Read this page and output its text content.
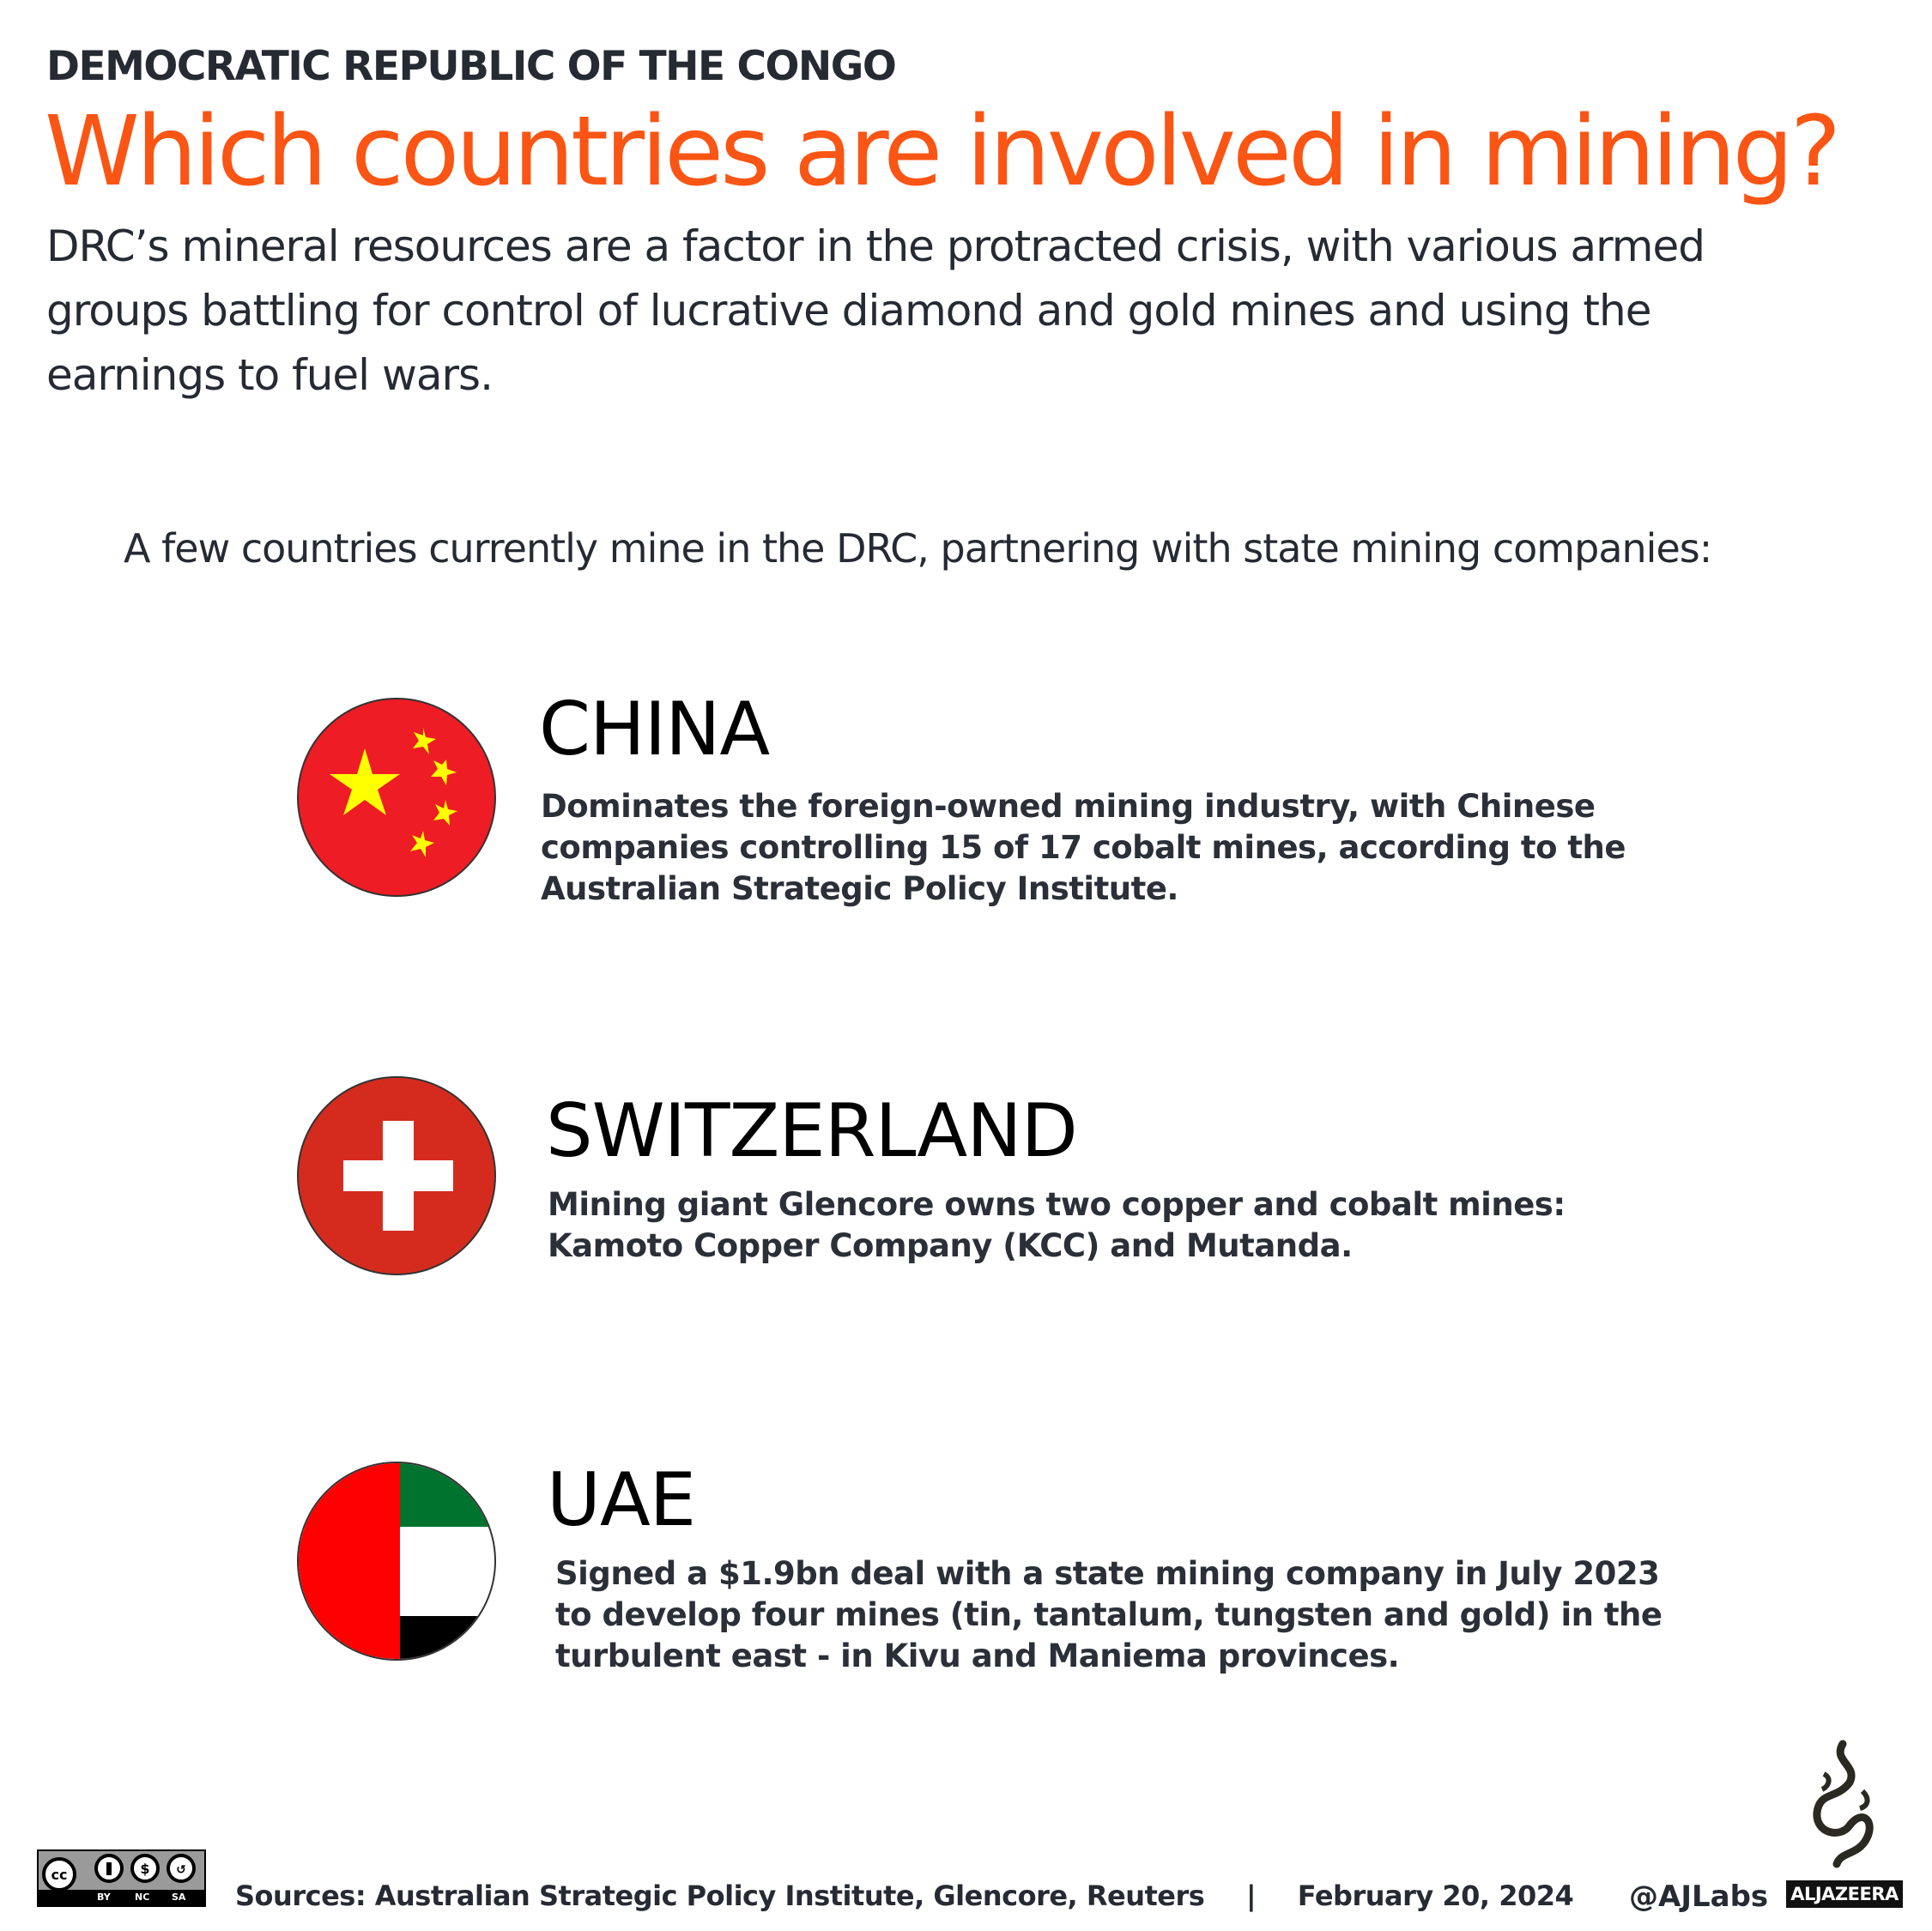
DEMOCRATIC REPUBLIC OF THE CONGO
Which countries are involved in mining?
DRC’s mineral resources are a factor in the protracted crisis, with various armed
groups battling for control of lucrative diamond and gold mines and using the
earnings to fuel wars.
A few countries currently mine in the DRC, partnering with state mining companies:
CHINA
Dominates the foreign-owned mining industry, with Chinese
companies controlling 15 of 17 cobalt mines, according to the
Australian Strategic Policy Institute.
SWITZERLAND
Mining giant Glencore owns two copper and cobalt mines:
Kamoto Copper Company (KCC) and Mutanda.
UAE
Signed a $1.9bn deal with a state mining company in July 2023
to develop four mines (tin, tantalum, tungsten and gold) in the
turbulent east - in Kivu and Maniema provinces.
cc	$ ↺
BY	NC SA Sources: Australian Strategic Policy Institute, Glencore, Reuters | February 20, 2024 @AJLabs ALJAZEERA
